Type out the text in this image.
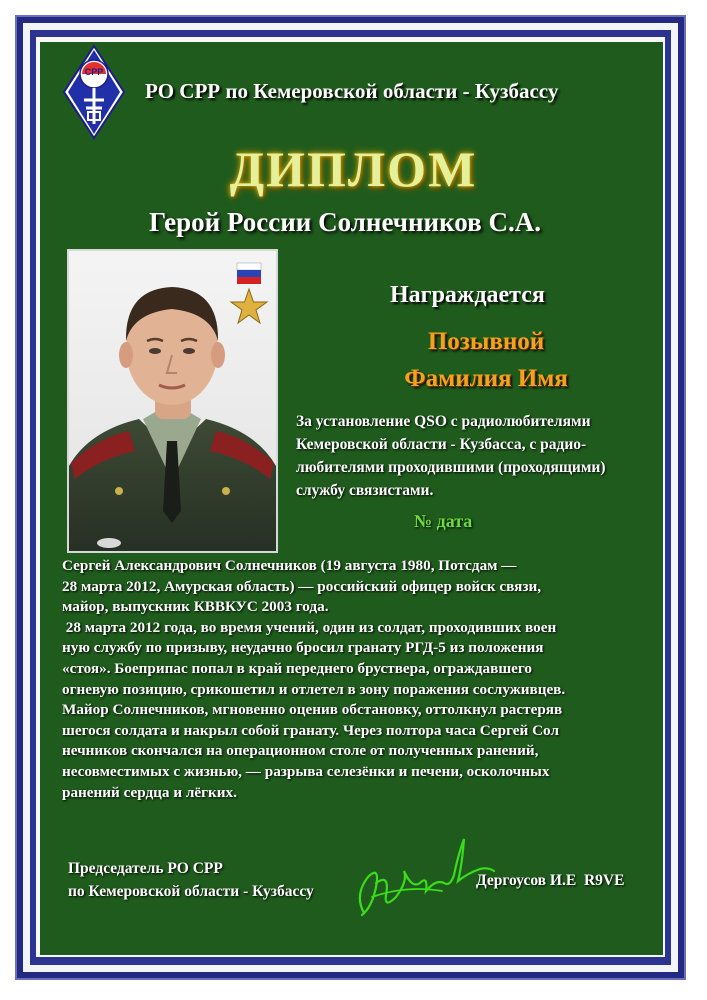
СРР
РО СРР по Кемеровской области - Кузбассу
ДИПЛОМ
Герой России Солнечников С.А.
Награждается
Позывной
Фамилия Имя
За установление QSO с радиолюбителями
Кемеровской области - Кузбасса, с радио-
любителями проходившими (проходящими)
службу связистами.
№ дата
Сергей Александрович Солнечников (19 августа 1980, Потсдам —
28 марта 2012, Амурская область) — российский офицер войск связи,
майор, выпускник КВВКУС 2003 года.
28 марта 2012 года, во время учений, один из солдат, проходивших воен
ную службу по призыву, неудачно бросил гранату РГД-5 из положения
«стоя». Боеприпас попал в край переднего бруствера, ограждавшего
огневую позицию, срикошетил и отлетел в зону поражения сослуживцев.
Майор Солнечников, мгновенно оценив обстановку, оттолкнул растеряв
шегося солдата и накрыл собой гранату. Через полтора часа Сергей Сол
нечников скончался на операционном столе от полученных ранений,
несовместимых с жизнью, — разрыва селезёнки и печени, осколочных
ранений сердца и лёгких.
Председатель РО СРР
по Кемеровской области - Кузбассу
Дергоусов И.Е  R9VE
